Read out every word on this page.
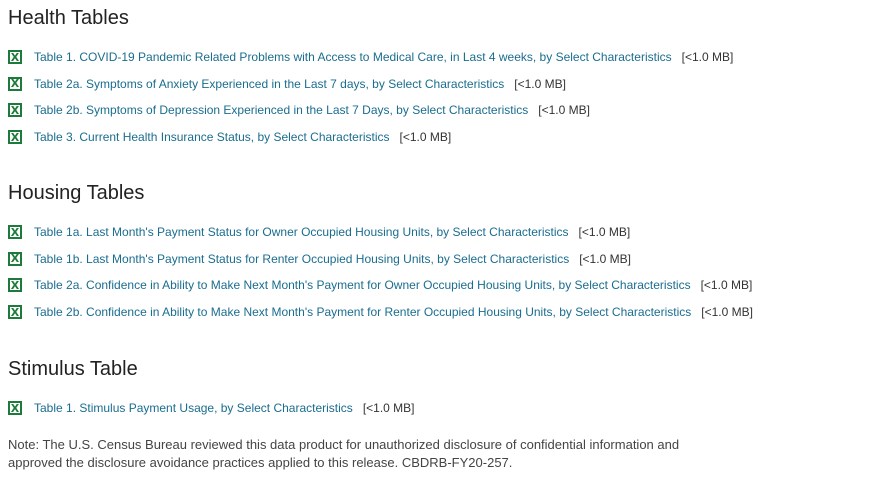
Health Tables
X Table 1. COVID-19 Pandemic Related Problems with Access to Medical Care, in Last 4 weeks, by Select Characteristics [<1.0 MB]
X Table 2a. Symptoms of Anxiety Experienced in the Last 7 days, by Select Characteristics [<1.0 MB]
X Table 2b. Symptoms of Depression Experienced in the Last 7 Days, by Select Characteristics [<1.0 MB]
X Table 3. Current Health Insurance Status, by Select Characteristics [<1.0 MB]
Housing Tables
X Table 1a. Last Month's Payment Status for Owner Occupied Housing Units, by Select Characteristics [<1.0 MB]
X Table 1b. Last Month's Payment Status for Renter Occupied Housing Units, by Select Characteristics [<1.0 MB]
X Table 2a. Confidence in Ability to Make Next Month's Payment for Owner Occupied Housing Units, by Select Characteristics [<1.0 MB]
X Table 2b. Confidence in Ability to Make Next Month's Payment for Renter Occupied Housing Units, by Select Characteristics [<1.0 MB]
Stimulus Table
X Table 1. Stimulus Payment Usage, by Select Characteristics [<1.0 MB]

Note: The U.S. Census Bureau reviewed this data product for unauthorized disclosure of confidential information and approved the disclosure avoidance practices applied to this release. CBDRB-FY20-257.
